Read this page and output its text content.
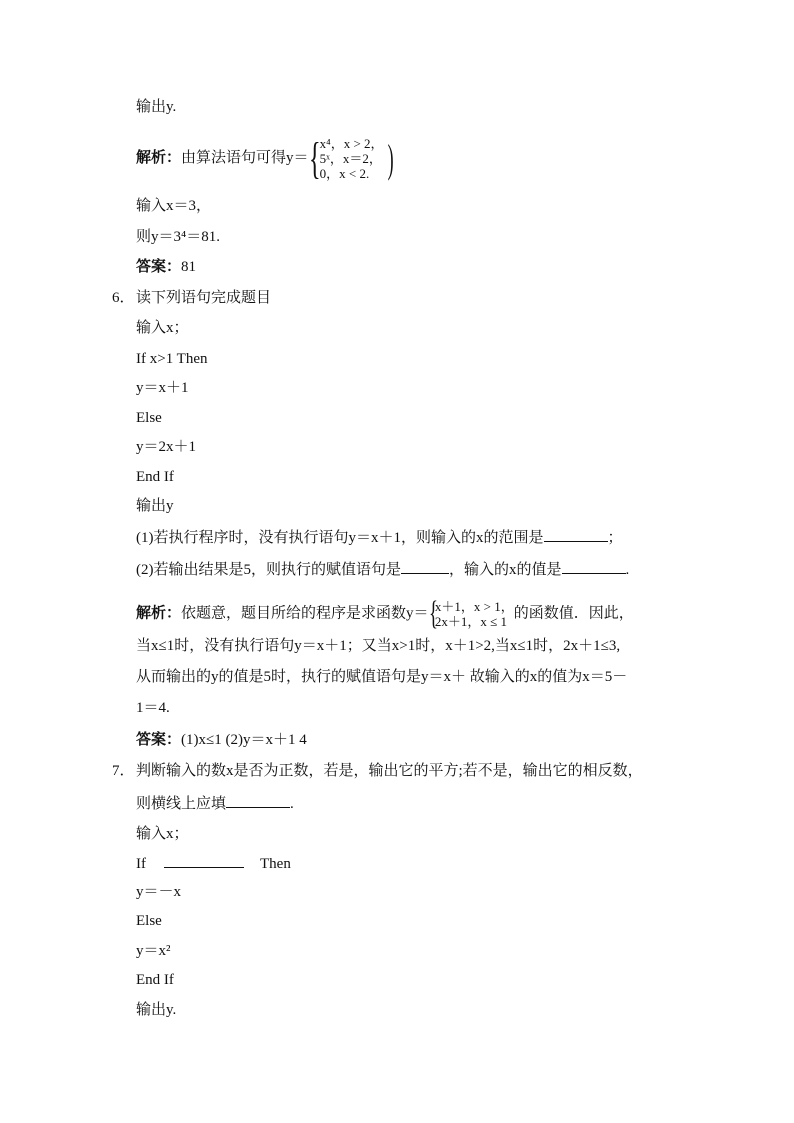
输出y.
解析：由算法语句可得y＝{ x⁴，x > 2，
5ˣ，x＝2，
0，x < 2. )
输入x＝3，
则y＝3⁴＝81.
答案：81
6． 读下列语句完成题目
输入x；
If x>1 Then
y＝x＋1
Else
y＝2x＋1
End If
输出y
(1)若执行程序时，没有执行语句y＝x＋1，则输入的x的范围是	；
(2)若输出结果是5，则执行的赋值语句是	，输入的x的值是	.
解析：依题意，题目所给的程序是求函数y＝{
x＋1，x > 1，
2x＋1，x ≤ 1
的函数值．因此，
当x≤1时，没有执行语句y＝x＋1；又当x>1时，x＋1>2,当x≤1时，2x＋1≤3,
从而输出的y的值是5时，执行的赋值语句是y＝x＋ 故输入的x的值为x＝5－
1＝4.
答案：(1)x≤1 (2)y＝x＋1 4
7． 判断输入的数x是否为正数，若是，输出它的平方;若不是，输出它的相反数，
则横线上应填	.
输入x；
If	Then
y＝－x
Else
y＝x²
End If
输出y.
